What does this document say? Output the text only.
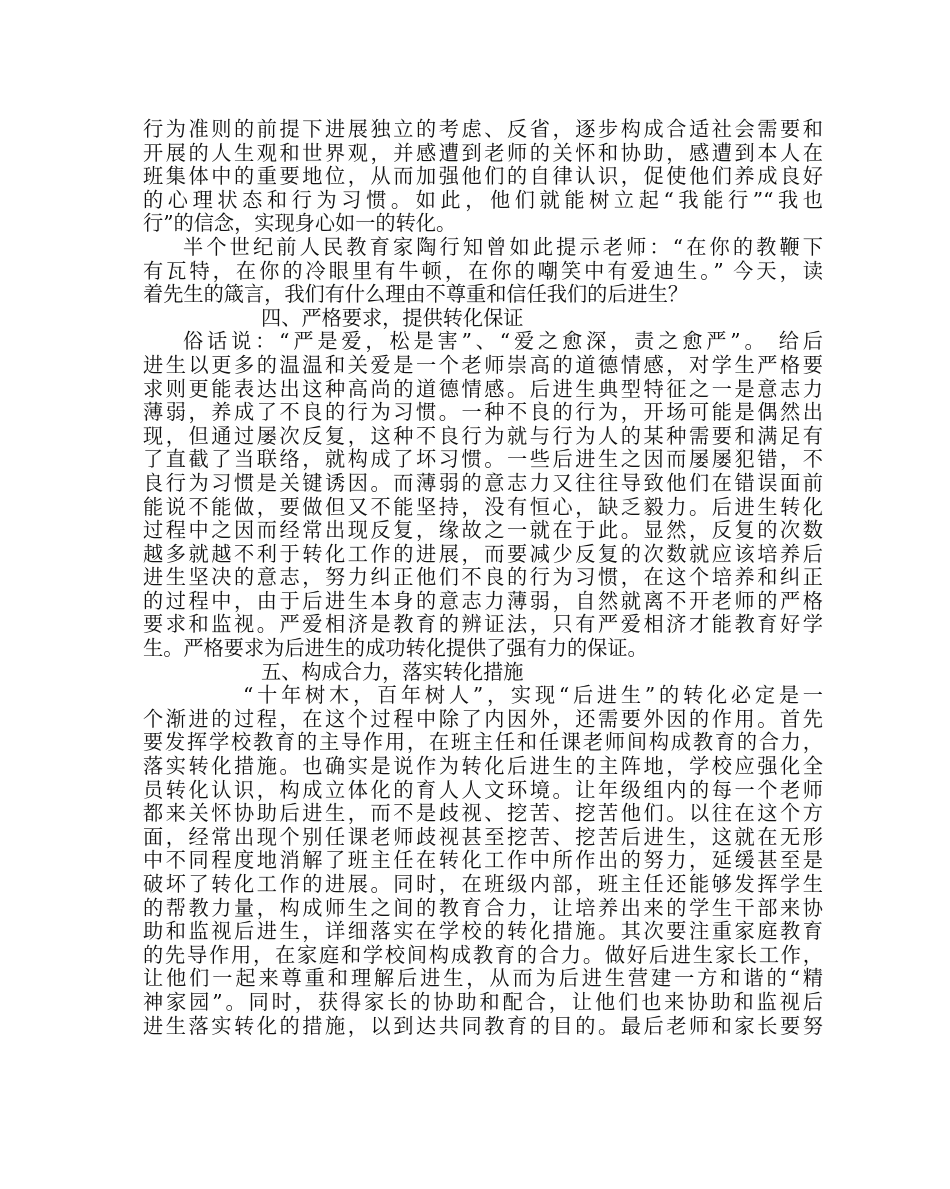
行为准则的前提下进展独立的考虑、反省，逐步构成合适社会需要和
开展的人生观和世界观，并感遭到老师的关怀和协助，感遭到本人在
班集体中的重要地位，从而加强他们的自律认识，促使他们养成良好
的心理状态和行为习惯。如此，他们就能树立起“我能行”“我也
行”的信念，实现身心如一的转化。
半个世纪前人民教育家陶行知曾如此提示老师：“在你的教鞭下
有瓦特，在你的冷眼里有牛顿，在你的嘲笑中有爱迪生。” 今天，读
着先生的箴言，我们有什么理由不尊重和信任我们的后进生？
四、严格要求，提供转化保证
俗话说：“严是爱，松是害”、“爱之愈深，责之愈严”。 给后
进生以更多的温温和关爱是一个老师崇高的道德情感，对学生严格要
求则更能表达出这种高尚的道德情感。后进生典型特征之一是意志力
薄弱，养成了不良的行为习惯。一种不良的行为，开场可能是偶然出
现，但通过屡次反复，这种不良行为就与行为人的某种需要和满足有
了直截了当联络，就构成了坏习惯。一些后进生之因而屡屡犯错，不
良行为习惯是关键诱因。而薄弱的意志力又往往导致他们在错误面前
能说不能做，要做但又不能坚持，没有恒心，缺乏毅力。后进生转化
过程中之因而经常出现反复，缘故之一就在于此。显然，反复的次数
越多就越不利于转化工作的进展，而要减少反复的次数就应该培养后
进生坚决的意志，努力纠正他们不良的行为习惯，在这个培养和纠正
的过程中，由于后进生本身的意志力薄弱，自然就离不开老师的严格
要求和监视。严爱相济是教育的辨证法，只有严爱相济才能教育好学
生。严格要求为后进生的成功转化提供了强有力的保证。
五、构成合力，落实转化措施
“十年树木，百年树人”，实现“后进生”的转化必定是一
个渐进的过程，在这个过程中除了内因外，还需要外因的作用。首先
要发挥学校教育的主导作用，在班主任和任课老师间构成教育的合力，
落实转化措施。也确实是说作为转化后进生的主阵地，学校应强化全
员转化认识，构成立体化的育人人文环境。让年级组内的每一个老师
都来关怀协助后进生，而不是歧视、挖苦、挖苦他们。以往在这个方
面，经常出现个别任课老师歧视甚至挖苦、挖苦后进生，这就在无形
中不同程度地消解了班主任在转化工作中所作出的努力，延缓甚至是
破坏了转化工作的进展。同时，在班级内部，班主任还能够发挥学生
的帮教力量，构成师生之间的教育合力，让培养出来的学生干部来协
助和监视后进生，详细落实在学校的转化措施。其次要注重家庭教育
的先导作用，在家庭和学校间构成教育的合力。做好后进生家长工作，
让他们一起来尊重和理解后进生，从而为后进生营建一方和谐的“精
神家园”。同时，获得家长的协助和配合，让他们也来协助和监视后
进生落实转化的措施，以到达共同教育的目的。最后老师和家长要努
